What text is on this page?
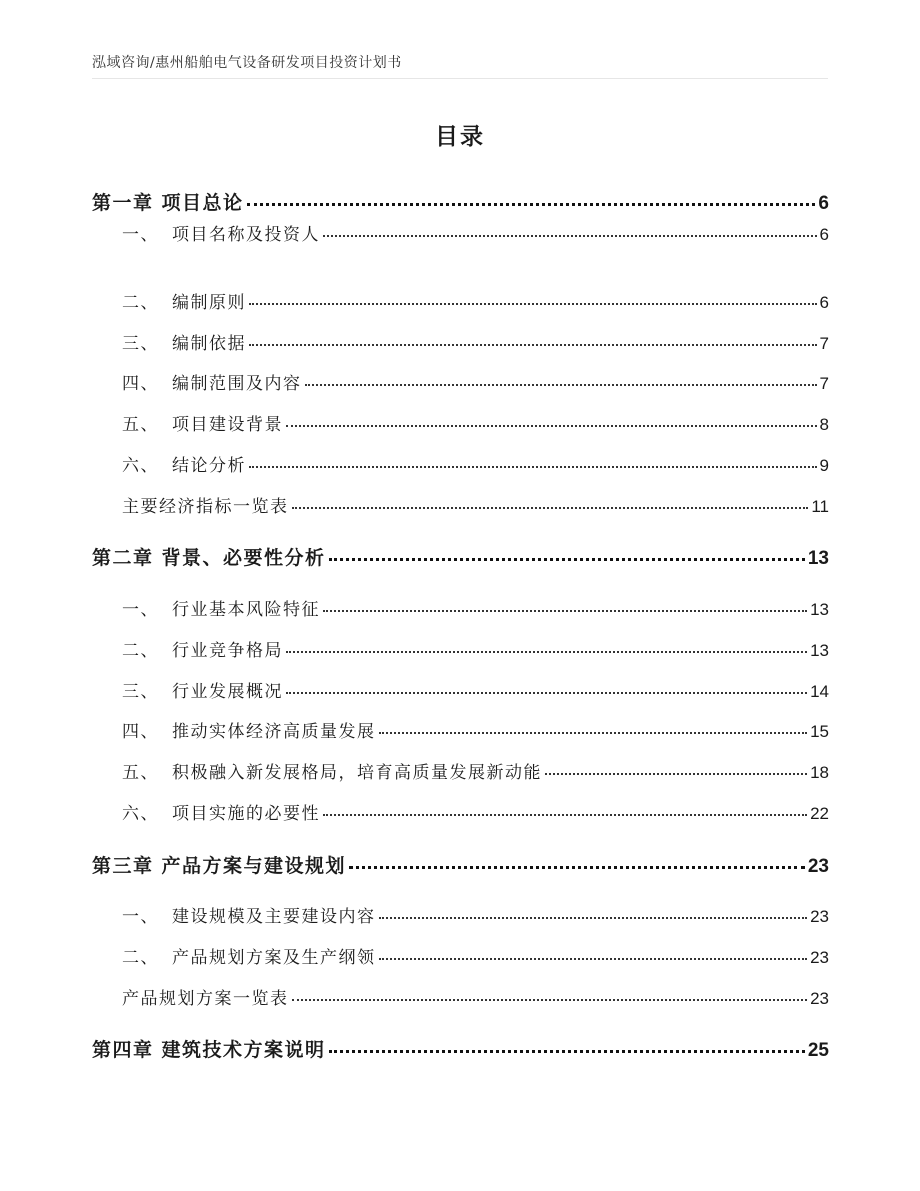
泓域咨询/惠州船舶电气设备研发项目投资计划书
目录
第一章 项目总论	6
一、 项目名称及投资人	6
二、 编制原则	6
三、 编制依据	7
四、 编制范围及内容	7
五、 项目建设背景	8
六、 结论分析	9
主要经济指标一览表	11
第二章 背景、必要性分析	13
一、 行业基本风险特征	13
二、 行业竞争格局	13
三、 行业发展概况	14
四、 推动实体经济高质量发展	15
五、 积极融入新发展格局，培育高质量发展新动能	18
六、 项目实施的必要性	22
第三章 产品方案与建设规划	23
一、 建设规模及主要建设内容	23
二、 产品规划方案及生产纲领	23
产品规划方案一览表	23
第四章 建筑技术方案说明	25
